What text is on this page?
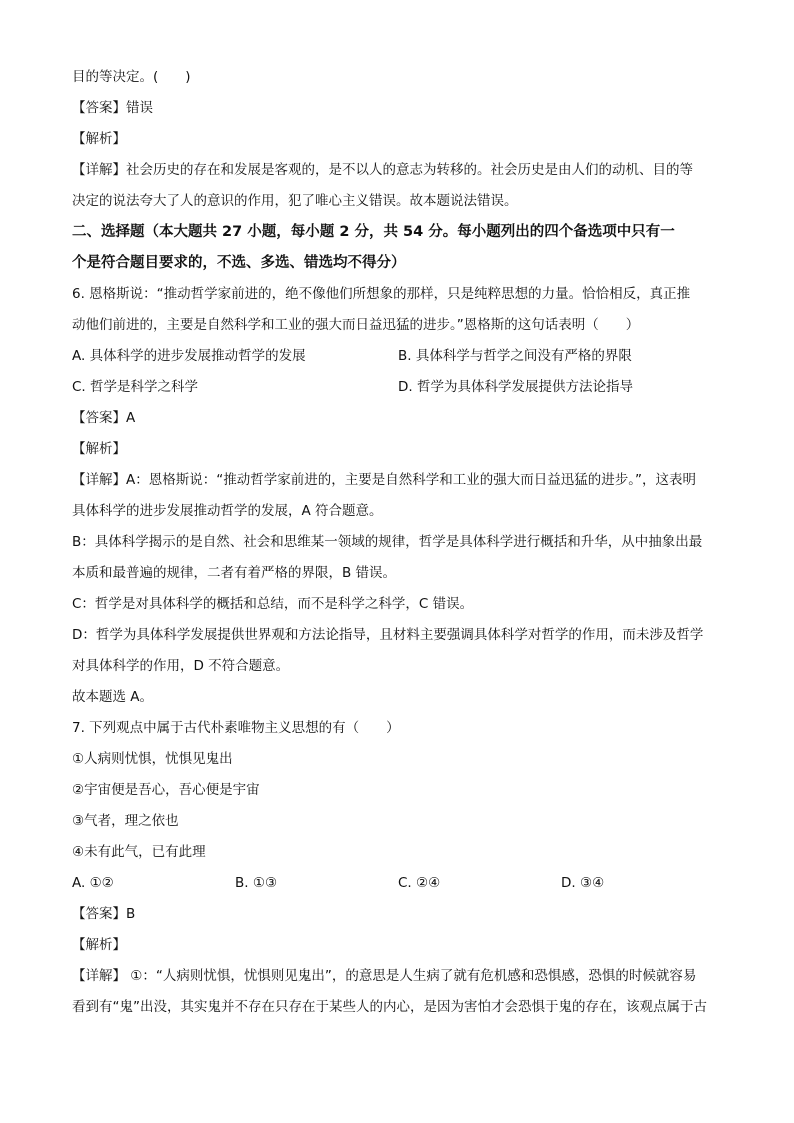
目的等决定。(　　)
【答案】错误
【解析】
【详解】社会历史的存在和发展是客观的，是不以人的意志为转移的。社会历史是由人们的动机、目的等
决定的说法夸大了人的意识的作用，犯了唯心主义错误。故本题说法错误。
二、选择题（本大题共 27 小题，每小题 2 分，共 54 分。每小题列出的四个备选项中只有一
个是符合题目要求的，不选、多选、错选均不得分）
6. 恩格斯说：“推动哲学家前进的，绝不像他们所想象的那样，只是纯粹思想的力量。恰恰相反，真正推
动他们前进的，主要是自然科学和工业的强大而日益迅猛的进步。”恩格斯的这句话表明（　　）
A. 具体科学的进步发展推动哲学的发展	B. 具体科学与哲学之间没有严格的界限
C. 哲学是科学之科学	D. 哲学为具体科学发展提供方法论指导
【答案】A
【解析】
【详解】A：恩格斯说：“推动哲学家前进的，主要是自然科学和工业的强大而日益迅猛的进步。”，这表明
具体科学的进步发展推动哲学的发展，A 符合题意。
B：具体科学揭示的是自然、社会和思维某一领域的规律，哲学是具体科学进行概括和升华，从中抽象出最
本质和最普遍的规律，二者有着严格的界限，B 错误。
C：哲学是对具体科学的概括和总结，而不是科学之科学，C 错误。
D：哲学为具体科学发展提供世界观和方法论指导，且材料主要强调具体科学对哲学的作用，而未涉及哲学
对具体科学的作用，D 不符合题意。
故本题选 A。
7. 下列观点中属于古代朴素唯物主义思想的有（　　）
①人病则忧惧，忧惧见鬼出
②宇宙便是吾心，吾心便是宇宙
③气者，理之依也
④未有此气，已有此理
A. ①②	B. ①③	C. ②④	D. ③④
【答案】B
【解析】
【详解】 ①：“人病则忧惧，忧惧则见鬼出”，的意思是人生病了就有危机感和恐惧感，恐惧的时候就容易
看到有“鬼”出没，其实鬼并不存在只存在于某些人的内心，是因为害怕才会恐惧于鬼的存在，该观点属于古
